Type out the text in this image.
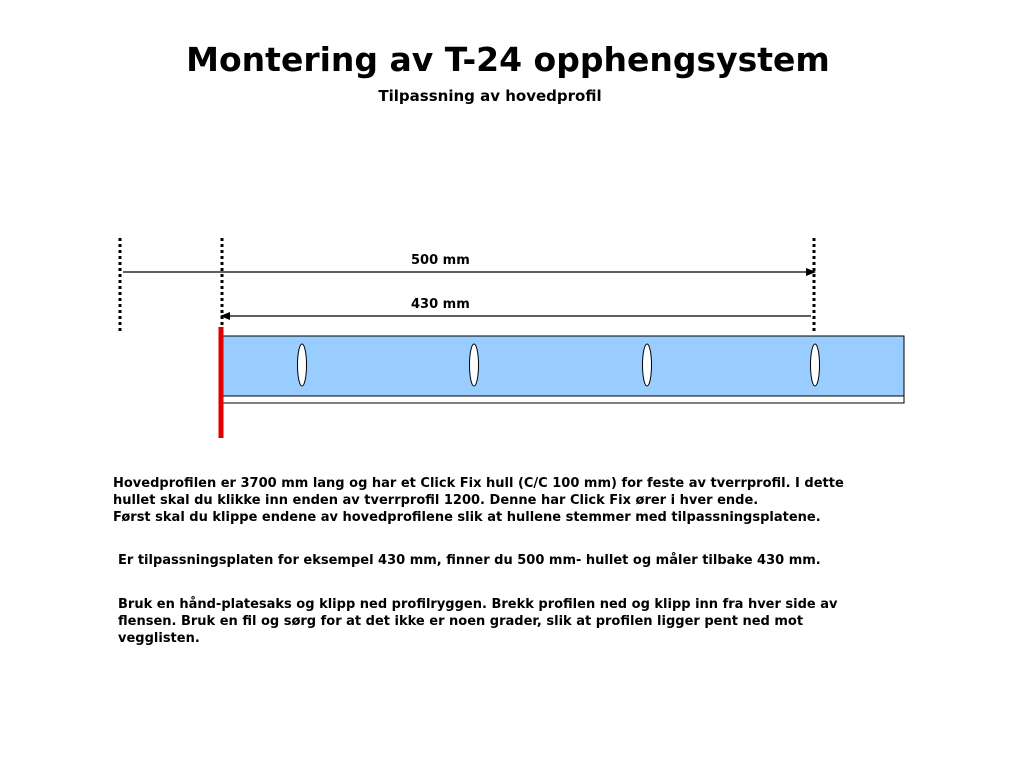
Montering av T-24 opphengsystem
Tilpassning av hovedprofil
500 mm
430 mm
Hovedprofilen er 3700 mm lang og har et Click Fix hull (C/C 100 mm) for feste av tverrprofil. I dette
hullet skal du klikke inn enden av tverrprofil 1200. Denne har Click Fix ører i hver ende.
Først skal du klippe endene av hovedprofilene slik at hullene stemmer med tilpassningsplatene.
Er tilpassningsplaten for eksempel 430 mm, finner du 500 mm- hullet og måler tilbake 430 mm.
Bruk en hånd-platesaks og klipp ned profilryggen. Brekk profilen ned og klipp inn fra hver side av
flensen. Bruk en fil og sørg for at det ikke er noen grader, slik at profilen ligger pent ned mot
vegglisten.
